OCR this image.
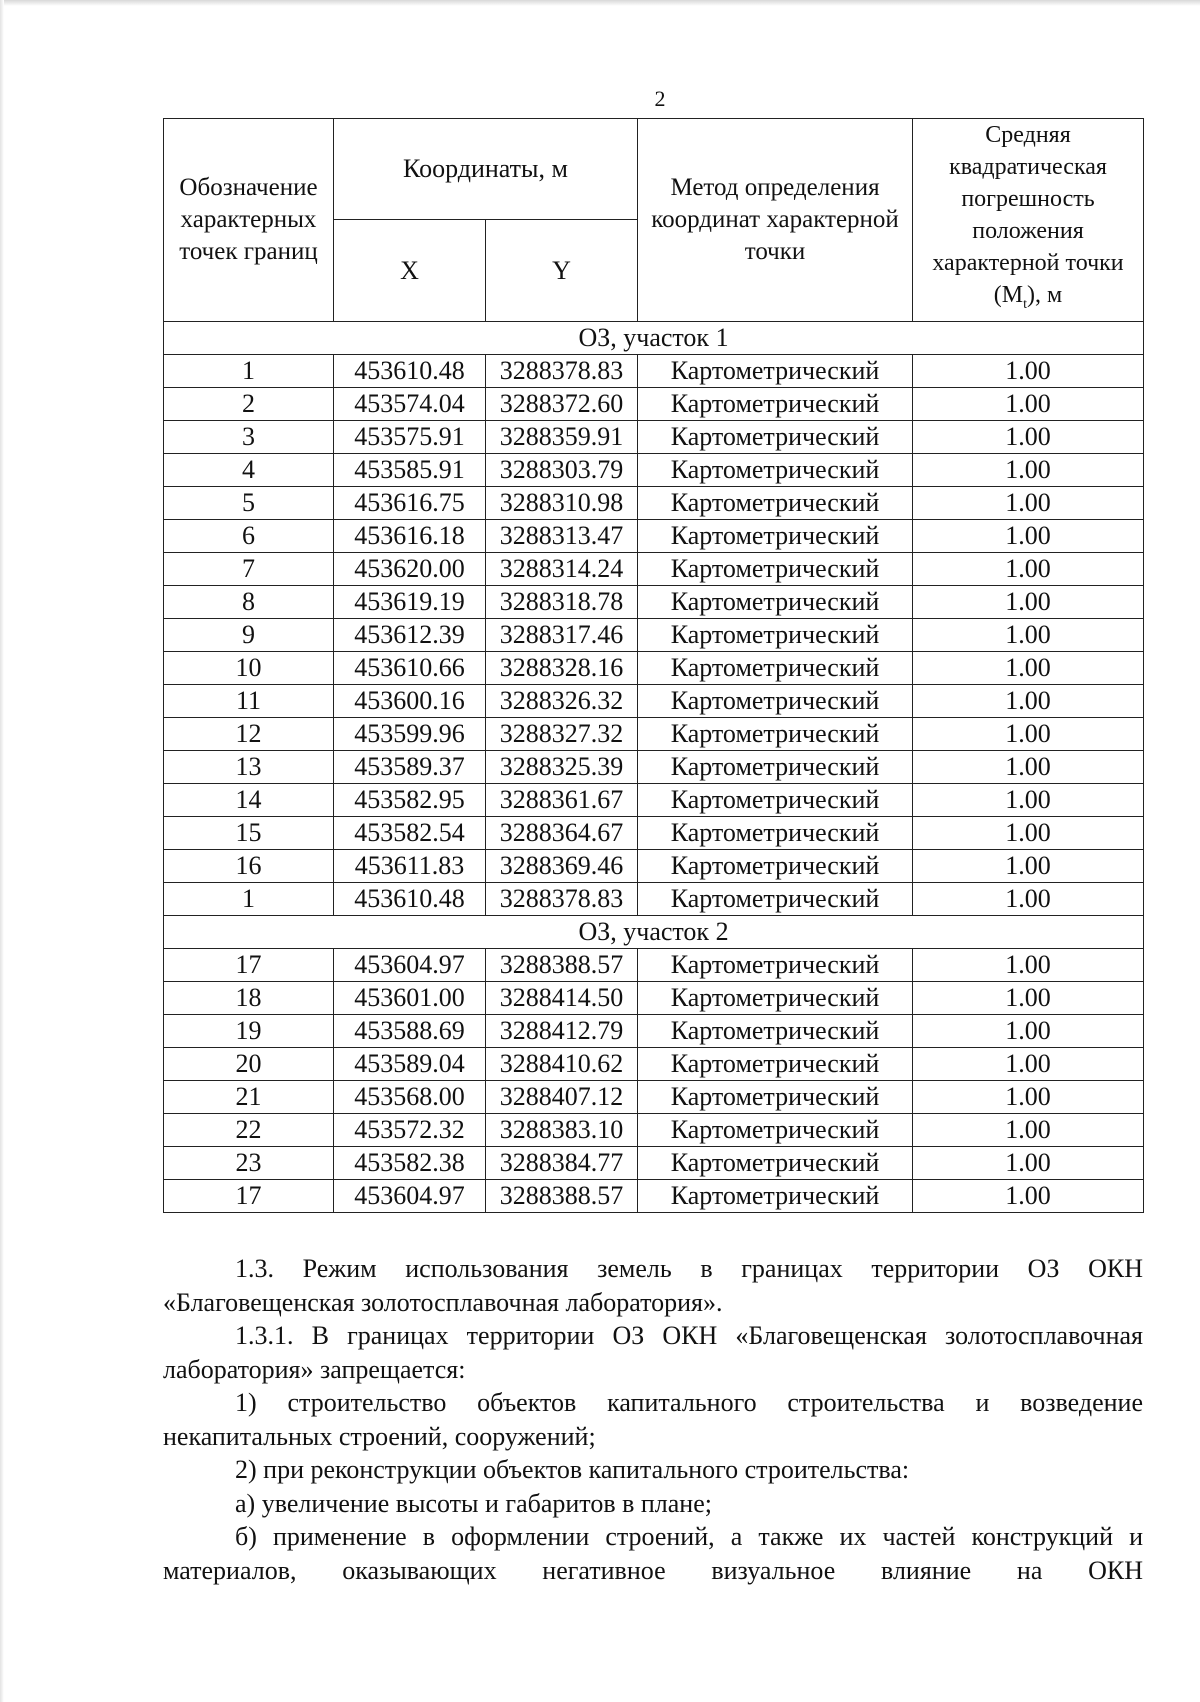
2
Обозначение характерных точек границ	Координаты, м		Метод определения координат характерной точки	Средняя квадратическая погрешность положения характерной точки $(M_t)$, м
	X	Y		
ОЗ, участок 1				
1	453610.48	3288378.83	Картометрический	1.00
2	453574.04	3288372.60	Картометрический	1.00
3	453575.91	3288359.91	Картометрический	1.00
4	453585.91	3288303.79	Картометрический	1.00
5	453616.75	3288310.98	Картометрический	1.00
6	453616.18	3288313.47	Картометрический	1.00
7	453620.00	3288314.24	Картометрический	1.00
8	453619.19	3288318.78	Картометрический	1.00
9	453612.39	3288317.46	Картометрический	1.00
10	453610.66	3288328.16	Картометрический	1.00
11	453600.16	3288326.32	Картометрический	1.00
12	453599.96	3288327.32	Картометрический	1.00
13	453589.37	3288325.39	Картометрический	1.00
14	453582.95	3288361.67	Картометрический	1.00
15	453582.54	3288364.67	Картометрический	1.00
16	453611.83	3288369.46	Картометрический	1.00
1	453610.48	3288378.83	Картометрический	1.00
ОЗ, участок 2				
17	453604.97	3288388.57	Картометрический	1.00
18	453601.00	3288414.50	Картометрический	1.00
19	453588.69	3288412.79	Картометрический	1.00
20	453589.04	3288410.62	Картометрический	1.00
21	453568.00	3288407.12	Картометрический	1.00
22	453572.32	3288383.10	Картометрический	1.00
23	453582.38	3288384.77	Картометрический	1.00
17	453604.97	3288388.57	Картометрический	1.00

1.3. Режим использования земель в границах территории ОЗ ОКН «Благовещенская золотосплавочная лаборатория».

1.3.1. В границах территории ОЗ ОКН «Благовещенская золотосплавочная лаборатория» запрещается:

1) строительство объектов капитального строительства и возведение некапитальных строений, сооружений;

2) при реконструкции объектов капитального строительства:

а) увеличение высоты и габаритов в плане;

б) применение в оформлении строений, а также их частей конструкций и материалов, оказывающих негативное визуальное влияние на ОКН
